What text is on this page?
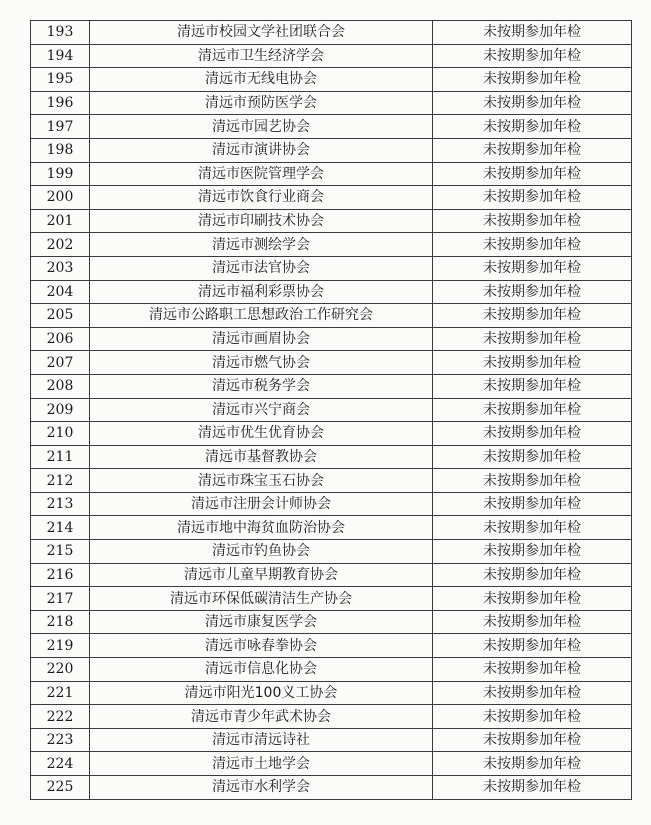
193	清远市校园文学社团联合会	未按期参加年检
194	清远市卫生经济学会	未按期参加年检
195	清远市无线电协会	未按期参加年检
196	清远市预防医学会	未按期参加年检
197	清远市园艺协会	未按期参加年检
198	清远市演讲协会	未按期参加年检
199	清远市医院管理学会	未按期参加年检
200	清远市饮食行业商会	未按期参加年检
201	清远市印刷技术协会	未按期参加年检
202	清远市测绘学会	未按期参加年检
203	清远市法官协会	未按期参加年检
204	清远市福利彩票协会	未按期参加年检
205	清远市公路职工思想政治工作研究会	未按期参加年检
206	清远市画眉协会	未按期参加年检
207	清远市燃气协会	未按期参加年检
208	清远市税务学会	未按期参加年检
209	清远市兴宁商会	未按期参加年检
210	清远市优生优育协会	未按期参加年检
211	清远市基督教协会	未按期参加年检
212	清远市珠宝玉石协会	未按期参加年检
213	清远市注册会计师协会	未按期参加年检
214	清远市地中海贫血防治协会	未按期参加年检
215	清远市钓鱼协会	未按期参加年检
216	清远市儿童早期教育协会	未按期参加年检
217	清远市环保低碳清洁生产协会	未按期参加年检
218	清远市康复医学会	未按期参加年检
219	清远市咏春拳协会	未按期参加年检
220	清远市信息化协会	未按期参加年检
221	清远市阳光100义工协会	未按期参加年检
222	清远市青少年武术协会	未按期参加年检
223	清远市清远诗社	未按期参加年检
224	清远市土地学会	未按期参加年检
225	清远市水利学会	未按期参加年检
